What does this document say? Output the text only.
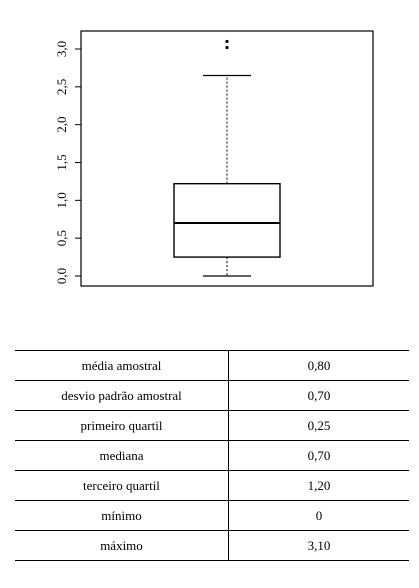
0,0
0,5
1,0
1,5
2,0
2,5
3,0
média amostral	0,80
desvio padrão amostral	0,70
primeiro quartil	0,25
mediana	0,70
terceiro quartil	1,20
mínimo	0
máximo	3,10
